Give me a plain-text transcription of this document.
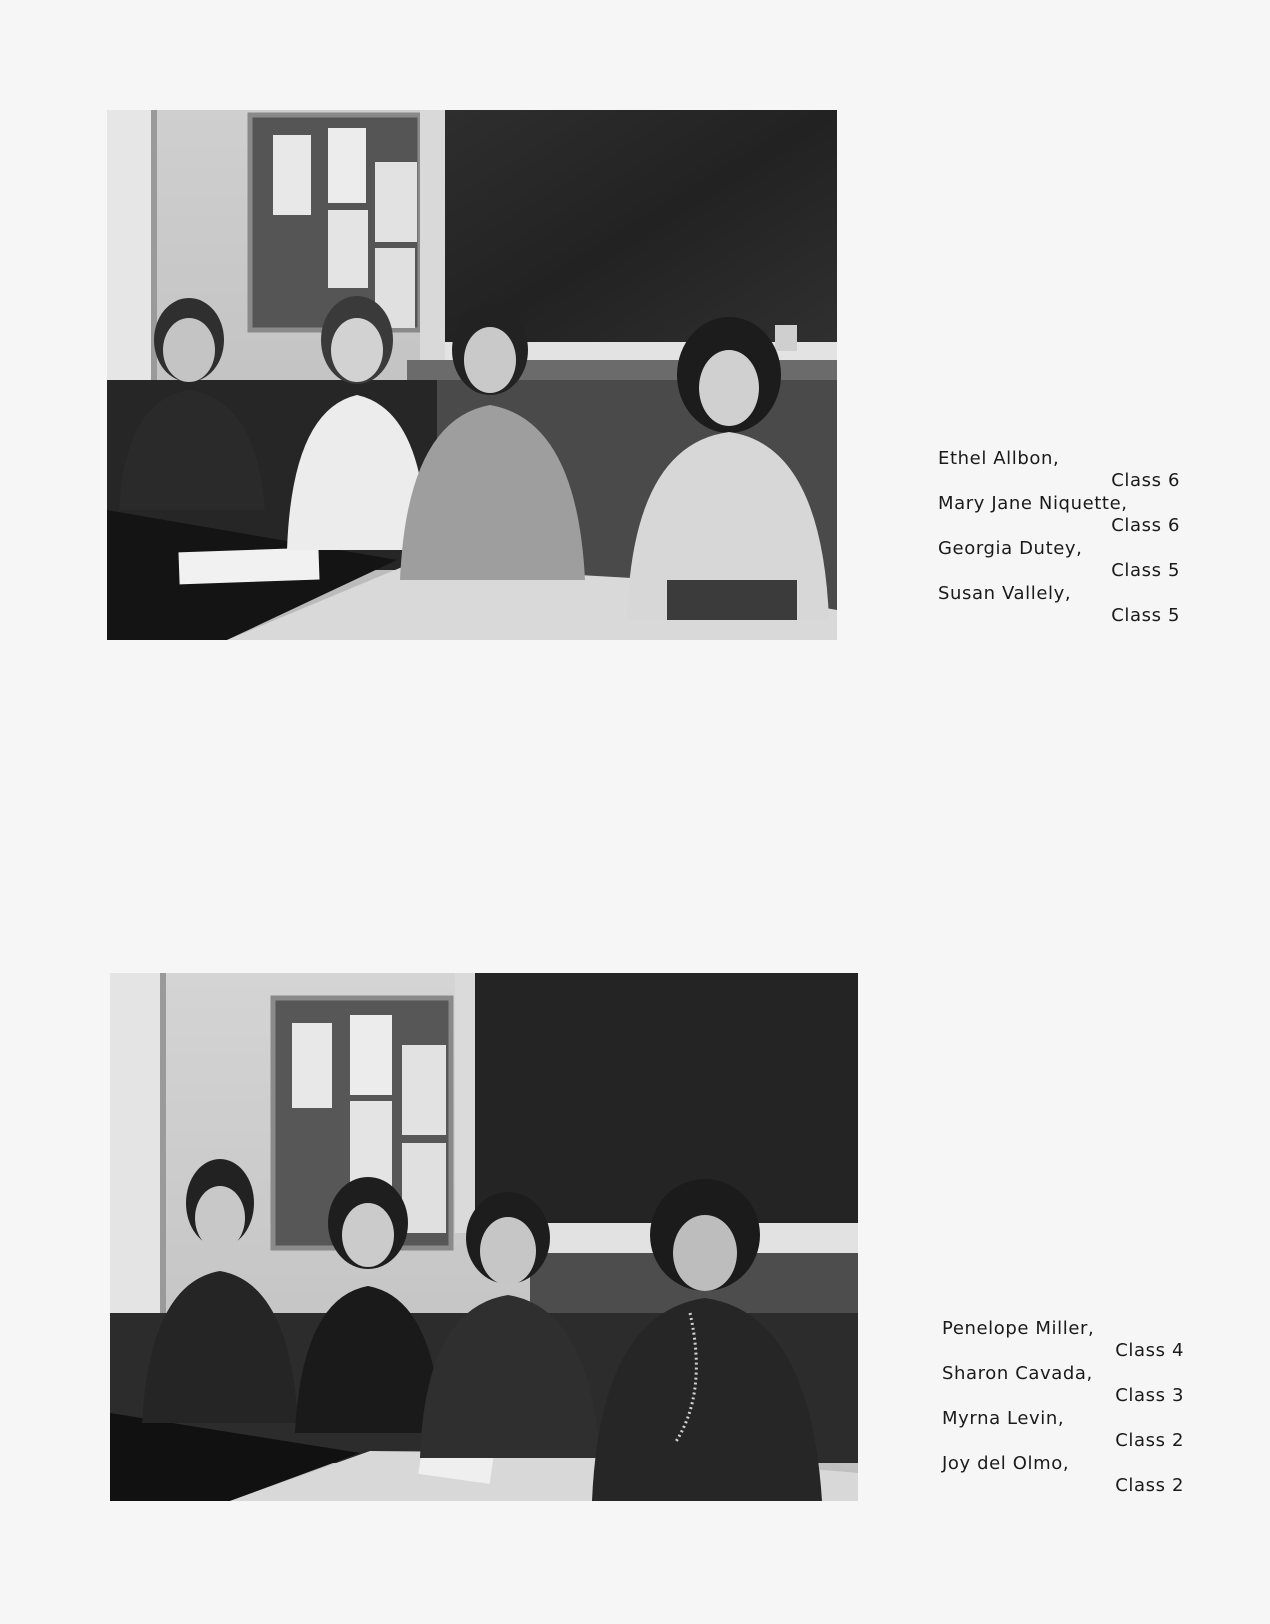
Ethel Allbon,
Class 6
Mary Jane Niquette,
Class 6
Georgia Dutey,
Class 5
Susan Vallely,
Class 5
Penelope Miller,
Class 4
Sharon Cavada,
Class 3
Myrna Levin,
Class 2
Joy del Olmo,
Class 2
